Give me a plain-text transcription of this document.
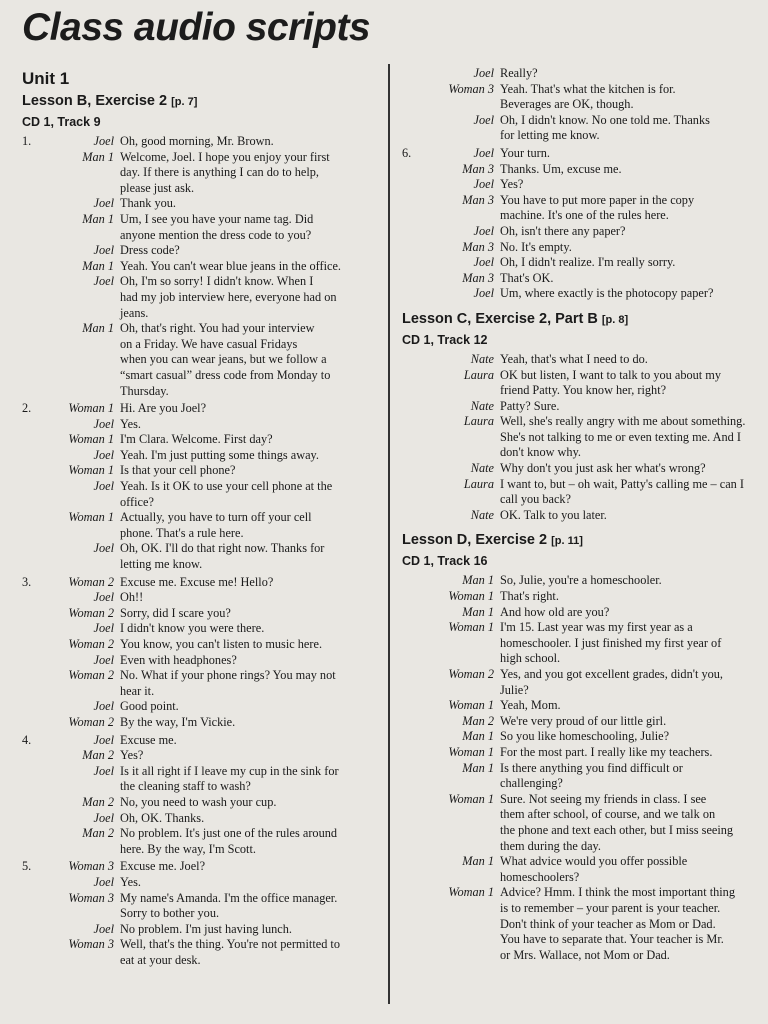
Class audio scripts
Unit 1
Lesson B, Exercise 2 [p. 7]
CD 1, Track 9
1.	Joel Oh, good morning, Mr. Brown.
Man 1 Welcome, Joel. I hope you enjoy your first
day. If there is anything I can do to help,
please just ask.
Joel Thank you.
Man 1 Um, I see you have your name tag. Did
anyone mention the dress code to you?
Joel Dress code?
Man 1 Yeah. You can't wear blue jeans in the office.
Joel Oh, I'm so sorry! I didn't know. When I
had my job interview here, everyone had on
jeans.
Man 1 Oh, that's right. You had your interview
on a Friday. We have casual Fridays
when you can wear jeans, but we follow a
“smart casual” dress code from Monday to
Thursday.
2.	Woman 1 Hi. Are you Joel?
Joel Yes.
Woman 1 I'm Clara. Welcome. First day?
Joel Yeah. I'm just putting some things away.
Woman 1 Is that your cell phone?
Joel Yeah. Is it OK to use your cell phone at the
office?
Woman 1 Actually, you have to turn off your cell
phone. That's a rule here.
Joel Oh, OK. I'll do that right now. Thanks for
letting me know.
3.	Woman 2 Excuse me. Excuse me! Hello?
Joel Oh!!
Woman 2 Sorry, did I scare you?
Joel I didn't know you were there.
Woman 2 You know, you can't listen to music here.
Joel Even with headphones?
Woman 2 No. What if your phone rings? You may not
hear it.
Joel Good point.
Woman 2 By the way, I'm Vickie.
4.	Joel Excuse me.
Man 2 Yes?
Joel Is it all right if I leave my cup in the sink for
the cleaning staff to wash?
Man 2 No, you need to wash your cup.
Joel Oh, OK. Thanks.
Man 2 No problem. It's just one of the rules around
here. By the way, I'm Scott.
5.	Woman 3 Excuse me. Joel?
Joel Yes.
Woman 3 My name's Amanda. I'm the office manager.
Sorry to bother you.
Joel No problem. I'm just having lunch.
Woman 3 Well, that's the thing. You're not permitted to
eat at your desk.
Joel Really?
Woman 3 Yeah. That's what the kitchen is for.
Beverages are OK, though.
Joel Oh, I didn't know. No one told me. Thanks
for letting me know.
6.	Joel Your turn.
Man 3 Thanks. Um, excuse me.
Joel Yes?
Man 3 You have to put more paper in the copy
machine. It's one of the rules here.
Joel Oh, isn't there any paper?
Man 3 No. It's empty.
Joel Oh, I didn't realize. I'm really sorry.
Man 3 That's OK.
Joel Um, where exactly is the photocopy paper?
Lesson C, Exercise 2, Part B [p. 8]
CD 1, Track 12
Nate Yeah, that's what I need to do.
Laura OK but listen, I want to talk to you about my
friend Patty. You know her, right?
Nate Patty? Sure.
Laura Well, she's really angry with me about something.
She's not talking to me or even texting me. And I
don't know why.
Nate Why don't you just ask her what's wrong?
Laura I want to, but – oh wait, Patty's calling me – can I
call you back?
Nate OK. Talk to you later.
Lesson D, Exercise 2 [p. 11]
CD 1, Track 16
Man 1 So, Julie, you're a homeschooler.
Woman 1 That's right.
Man 1 And how old are you?
Woman 1 I'm 15. Last year was my first year as a
homeschooler. I just finished my first year of
high school.
Woman 2 Yes, and you got excellent grades, didn't you,
Julie?
Woman 1 Yeah, Mom.
Man 2 We're very proud of our little girl.
Man 1 So you like homeschooling, Julie?
Woman 1 For the most part. I really like my teachers.
Man 1 Is there anything you find difficult or
challenging?
Woman 1 Sure. Not seeing my friends in class. I see
them after school, of course, and we talk on
the phone and text each other, but I miss seeing
them during the day.
Man 1 What advice would you offer possible
homeschoolers?
Woman 1 Advice? Hmm. I think the most important thing
is to remember – your parent is your teacher.
Don't think of your teacher as Mom or Dad.
You have to separate that. Your teacher is Mr.
or Mrs. Wallace, not Mom or Dad.
